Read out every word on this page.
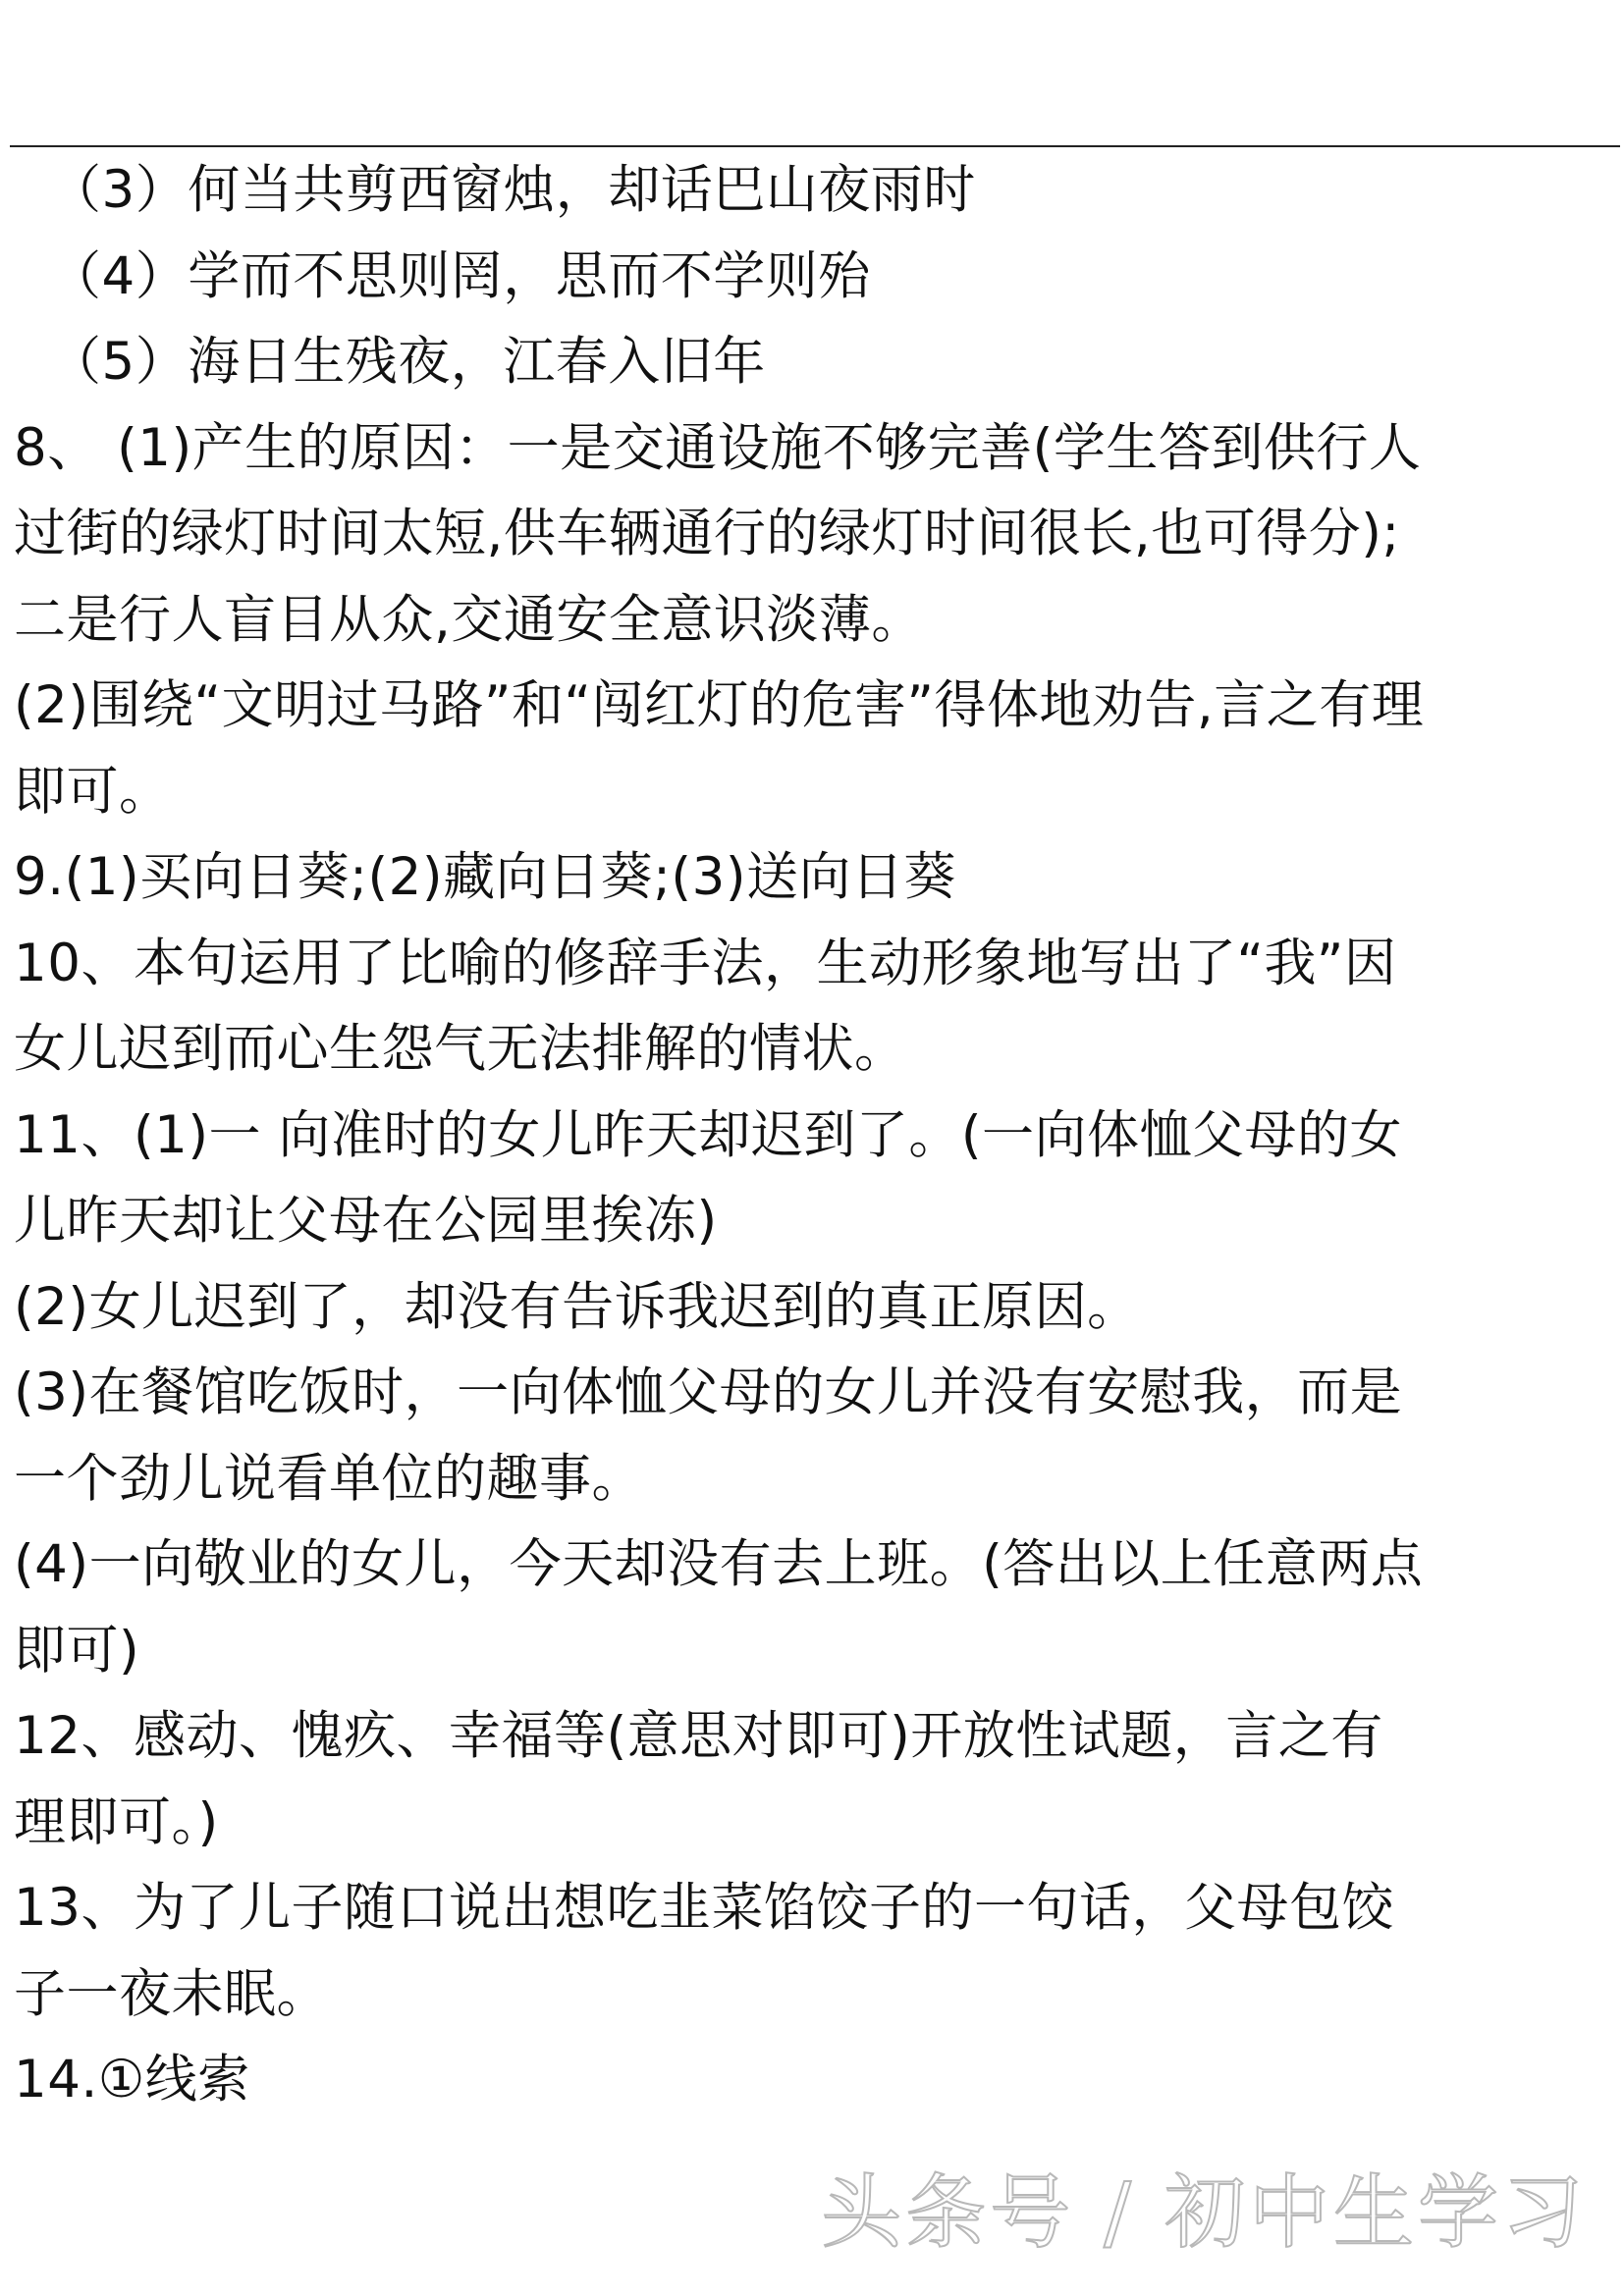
（3）何当共剪西窗烛，却话巴山夜雨时
（4）学而不思则罔，思而不学则殆
（5）海日生残夜，江春入旧年
8、 (1)产生的原因：一是交通设施不够完善(学生答到供行人
过街的绿灯时间太短,供车辆通行的绿灯时间很长,也可得分);
二是行人盲目从众,交通安全意识淡薄。
(2)围绕“文明过马路”和“闯红灯的危害”得体地劝告,言之有理
即可。
9.(1)买向日葵;(2)藏向日葵;(3)送向日葵
10、本句运用了比喻的修辞手法，生动形象地写出了“我”因
女儿迟到而心生怨气无法排解的情状。
11、(1)一 向准时的女儿昨天却迟到了。(一向体恤父母的女
儿昨天却让父母在公园里挨冻)
(2)女儿迟到了，却没有告诉我迟到的真正原因。
(3)在餐馆吃饭时，一向体恤父母的女儿并没有安慰我，而是
一个劲儿说看单位的趣事。
(4)一向敬业的女儿，今天却没有去上班。(答出以上任意两点
即可)
12、感动、愧疚、幸福等(意思对即可)开放性试题，言之有
理即可。)
13、为了儿子随口说出想吃韭菜馅饺子的一句话，父母包饺
子一夜未眠。
14.①线索
头条号 / 初中生学习
